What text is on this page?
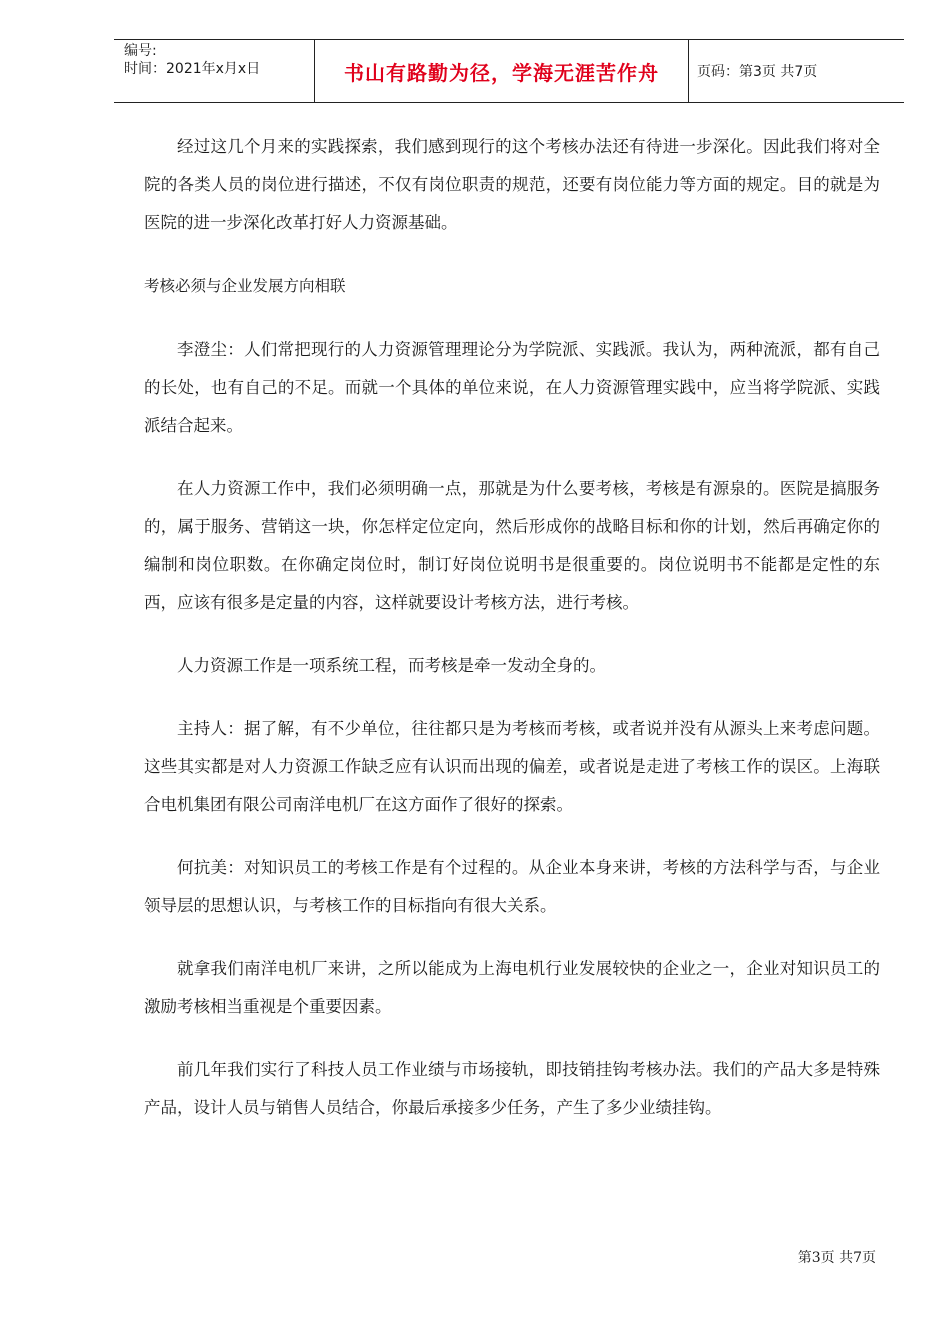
编号:
时间：2021年x月x日	书山有路勤为径，学海无涯苦作舟	页码：第3页 共7页

经过这几个月来的实践探索，我们感到现行的这个考核办法还有待进一步深化。因此我们将对全院的各类人员的岗位进行描述，不仅有岗位职责的规范，还要有岗位能力等方面的规定。目的就是为医院的进一步深化改革打好人力资源基础。

考核必须与企业发展方向相联

李澄尘：人们常把现行的人力资源管理理论分为学院派、实践派。我认为，两种流派，都有自己的长处，也有自己的不足。而就一个具体的单位来说，在人力资源管理实践中，应当将学院派、实践派结合起来。

在人力资源工作中，我们必须明确一点，那就是为什么要考核，考核是有源泉的。医院是搞服务的，属于服务、营销这一块，你怎样定位定向，然后形成你的战略目标和你的计划，然后再确定你的编制和岗位职数。在你确定岗位时，制订好岗位说明书是很重要的。岗位说明书不能都是定性的东西，应该有很多是定量的内容，这样就要设计考核方法，进行考核。

人力资源工作是一项系统工程，而考核是牵一发动全身的。

主持人：据了解，有不少单位，往往都只是为考核而考核，或者说并没有从源头上来考虑问题。这些其实都是对人力资源工作缺乏应有认识而出现的偏差，或者说是走进了考核工作的误区。上海联合电机集团有限公司南洋电机厂在这方面作了很好的探索。

何抗美：对知识员工的考核工作是有个过程的。从企业本身来讲，考核的方法科学与否，与企业领导层的思想认识，与考核工作的目标指向有很大关系。

就拿我们南洋电机厂来讲，之所以能成为上海电机行业发展较快的企业之一，企业对知识员工的激励考核相当重视是个重要因素。

前几年我们实行了科技人员工作业绩与市场接轨，即技销挂钩考核办法。我们的产品大多是特殊产品，设计人员与销售人员结合，你最后承接多少任务，产生了多少业绩挂钩。

第3页 共7页
